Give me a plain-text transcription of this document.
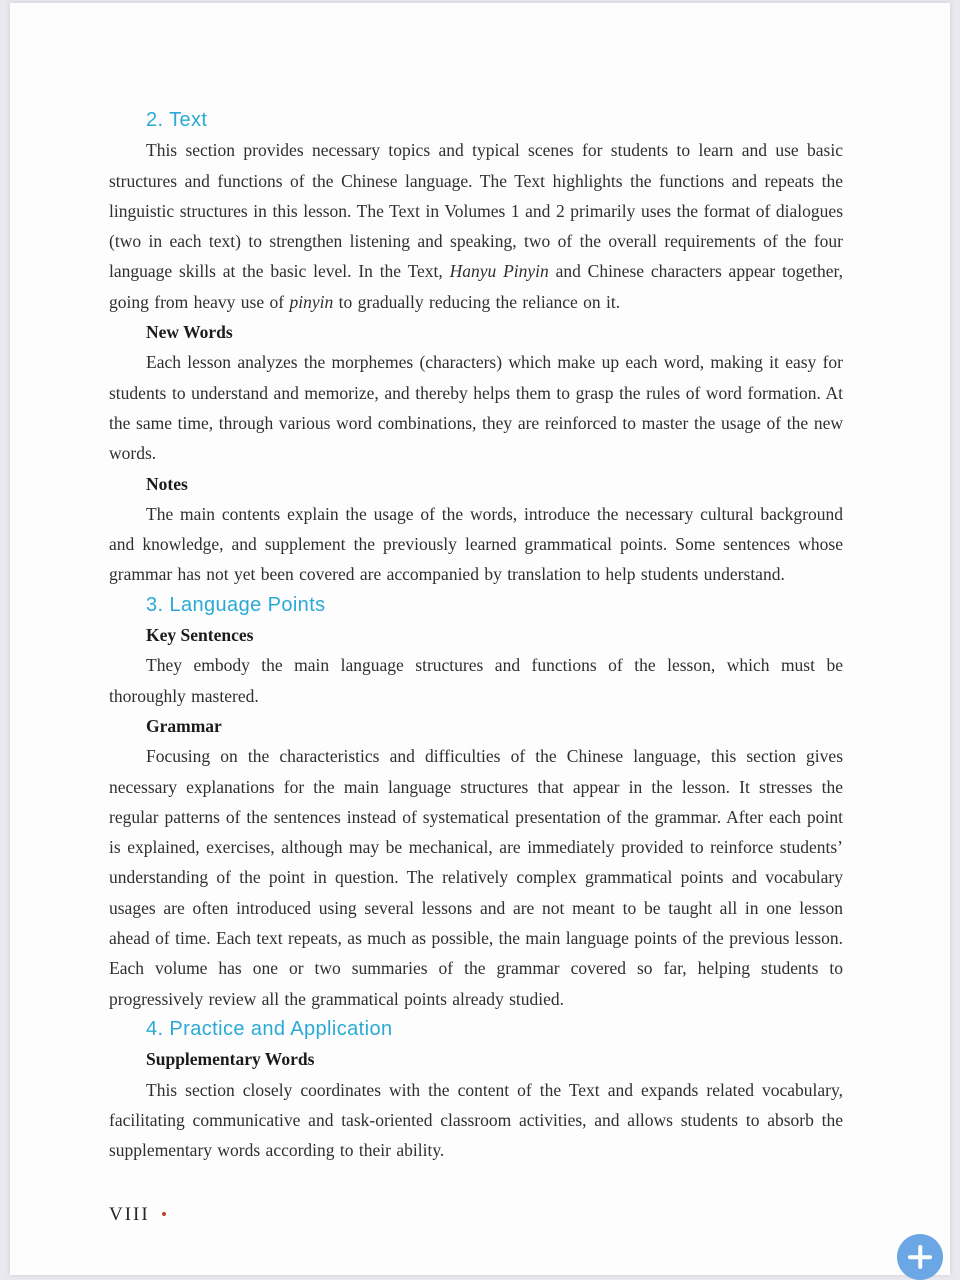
2. Text

This section provides necessary topics and typical scenes for students to learn and use basic structures and functions of the Chinese language. The Text highlights the functions and repeats the linguistic structures in this lesson. The Text in Volumes 1 and 2 primarily uses the format of dialogues (two in each text) to strengthen listening and speaking, two of the overall requirements of the four language skills at the basic level. In the Text, Hanyu Pinyin and Chinese characters appear together, going from heavy use of pinyin to gradually reducing the reliance on it.

New Words

Each lesson analyzes the morphemes (characters) which make up each word, making it easy for students to understand and memorize, and thereby helps them to grasp the rules of word formation. At the same time, through various word combinations, they are reinforced to master the usage of the new words.

Notes

The main contents explain the usage of the words, introduce the necessary cultural background and knowledge, and supplement the previously learned grammatical points. Some sentences whose grammar has not yet been covered are accompanied by translation to help students understand.

3. Language Points
Key Sentences

They embody the main language structures and functions of the lesson, which must be thoroughly mastered.

Grammar

Focusing on the characteristics and difficulties of the Chinese language, this section gives necessary explanations for the main language structures that appear in the lesson. It stresses the regular patterns of the sentences instead of systematical presentation of the grammar. After each point is explained, exercises, although may be mechanical, are immediately provided to reinforce students’ understanding of the point in question. The relatively complex grammatical points and vocabulary usages are often introduced using several lessons and are not meant to be taught all in one lesson ahead of time. Each text repeats, as much as possible, the main language points of the previous lesson. Each volume has one or two summaries of the grammar covered so far, helping students to progressively review all the grammatical points already studied.

4. Practice and Application
Supplementary Words

This section closely coordinates with the content of the Text and expands related vocabulary, facilitating communicative and task-oriented classroom activities, and allows students to absorb the supplementary words according to their ability.

VIII
